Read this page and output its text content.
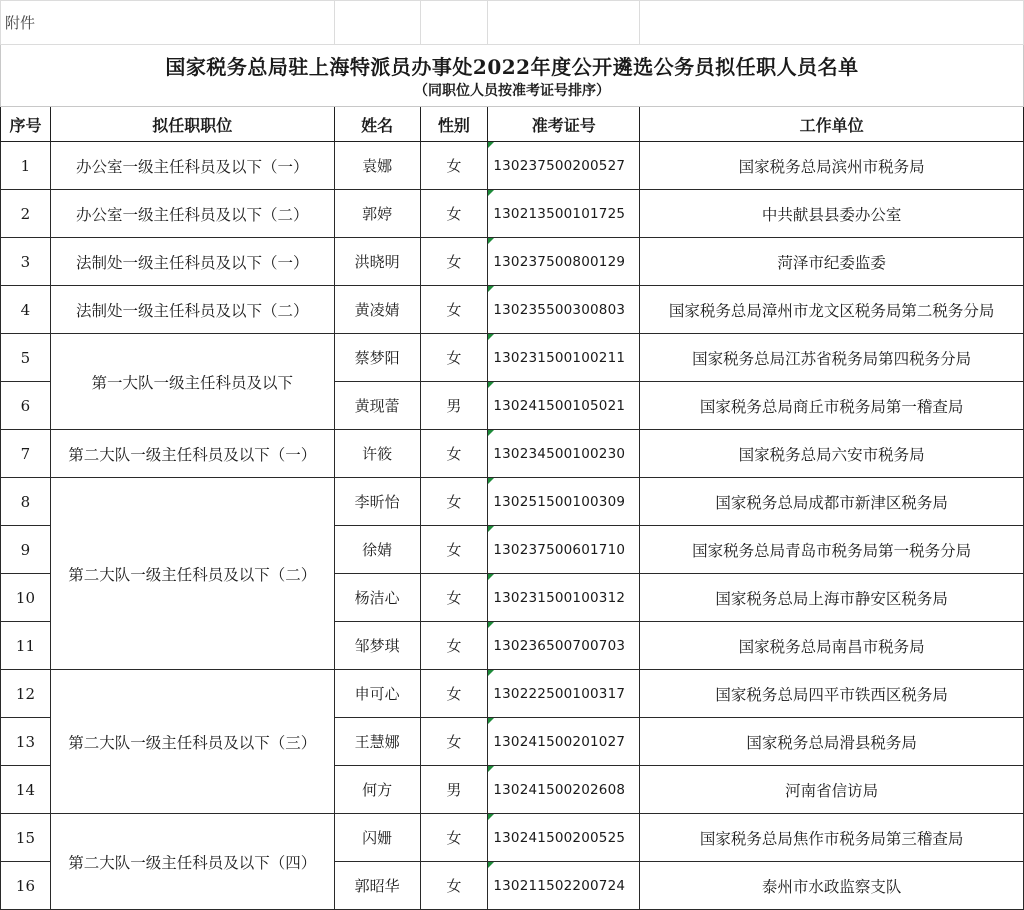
附件					

国家税务总局驻上海特派员办事处2022年度公开遴选公务员拟任职人员名单
（同职位人员按准考证号排序）					

序号	拟任职职位	姓名	性别	准考证号	工作单位
1	办公室一级主任科员及以下（一）	袁娜	女	130237500200527	国家税务总局滨州市税务局
2	办公室一级主任科员及以下（二）	郭婷	女	130213500101725	中共献县县委办公室
3	法制处一级主任科员及以下（一）	洪晓明	女	130237500800129	菏泽市纪委监委
4	法制处一级主任科员及以下（二）	黄凌婧	女	130235500300803	国家税务总局漳州市龙文区税务局第二税务分局
5	第一大队一级主任科员及以下	蔡梦阳	女	130231500100211	国家税务总局江苏省税务局第四税务分局
6		黄现蕾	男	130241500105021	国家税务总局商丘市税务局第一稽查局
7	第二大队一级主任科员及以下（一）	许筱	女	130234500100230	国家税务总局六安市税务局
8	第二大队一级主任科员及以下（二）	李昕怡	女	130251500100309	国家税务总局成都市新津区税务局
9		徐婧	女	130237500601710	国家税务总局青岛市税务局第一税务分局
10		杨洁心	女	130231500100312	国家税务总局上海市静安区税务局
11		邹梦琪	女	130236500700703	国家税务总局南昌市税务局
12	第二大队一级主任科员及以下（三）	申可心	女	130222500100317	国家税务总局四平市铁西区税务局
13		王慧娜	女	130241500201027	国家税务总局滑县税务局
14		何方	男	130241500202608	河南省信访局
15	第二大队一级主任科员及以下（四）	闪姗	女	130241500200525	国家税务总局焦作市税务局第三稽查局
16		郭昭华	女	130211502200724	泰州市水政监察支队
